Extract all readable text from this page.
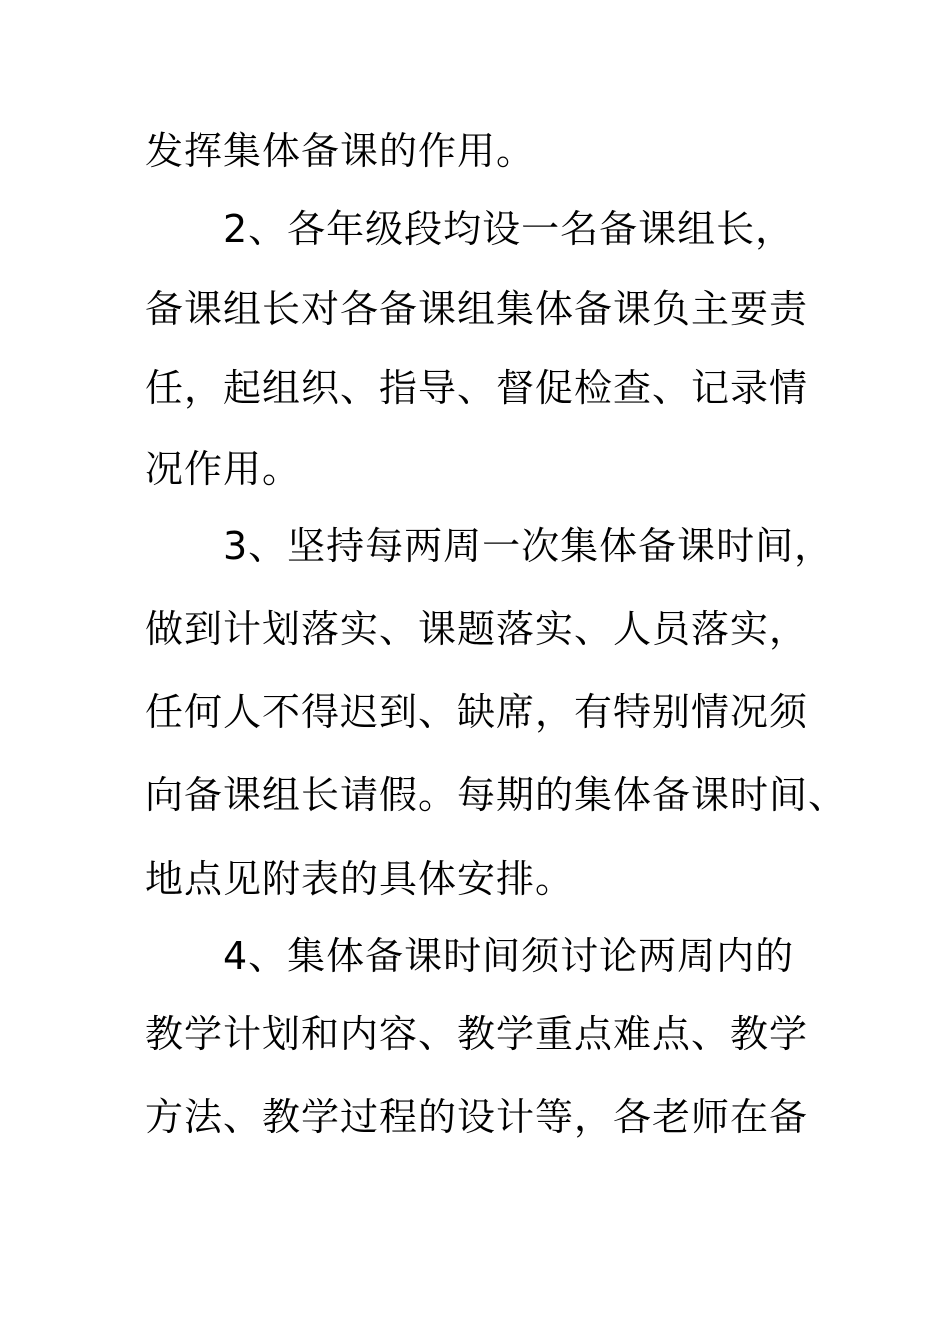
发挥集体备课的作用。
2、各年级段均设一名备课组长，
备课组长对各备课组集体备课负主要责
任，起组织、指导、督促检查、记录情
况作用。
3、坚持每两周一次集体备课时间，
做到计划落实、课题落实、人员落实，
任何人不得迟到、缺席，有特别情况须
向备课组长请假。每期的集体备课时间、
地点见附表的具体安排。
4、集体备课时间须讨论两周内的
教学计划和内容、教学重点难点、教学
方法、教学过程的设计等，各老师在备
